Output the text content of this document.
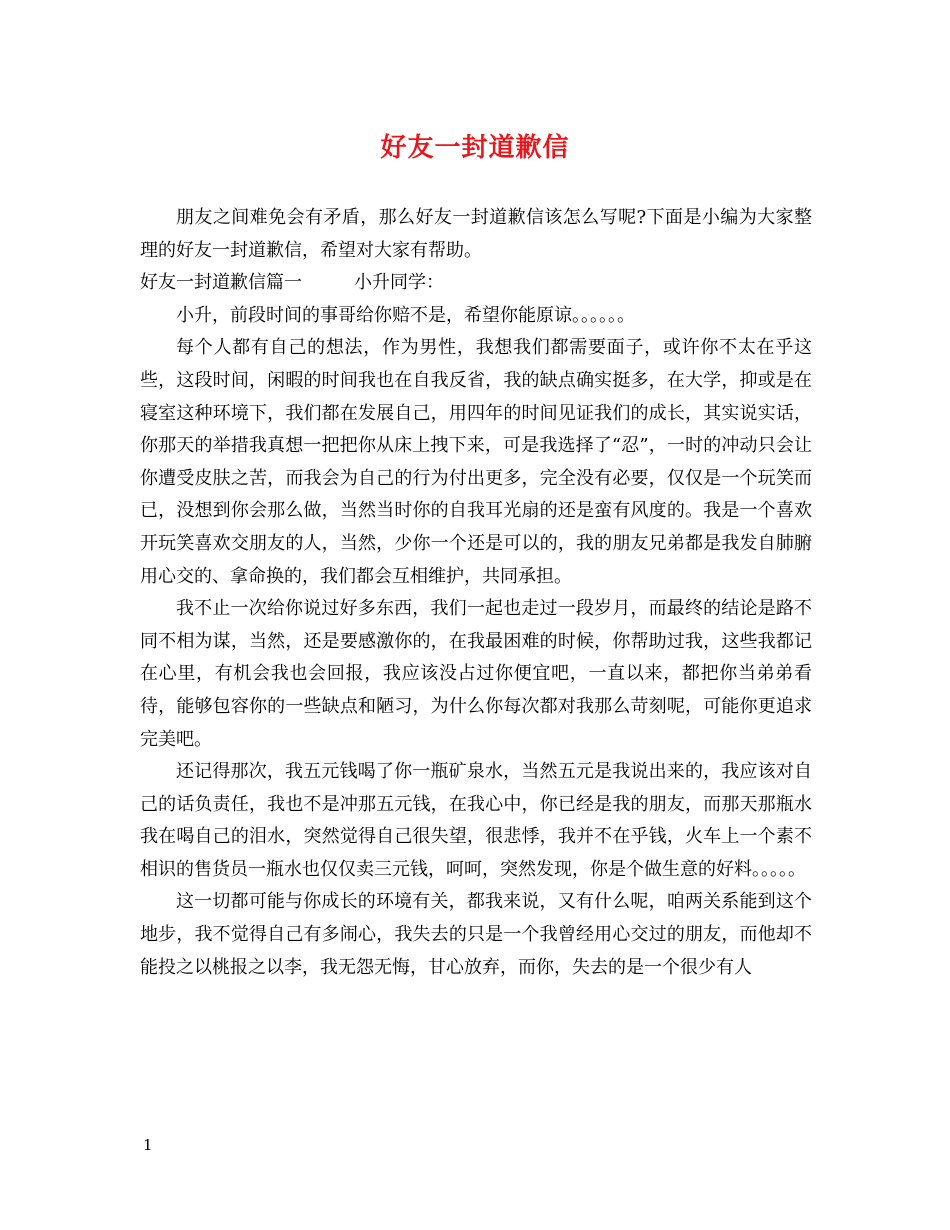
好友一封道歉信

朋友之间难免会有矛盾，那么好友一封道歉信该怎么写呢?下面是小编为大家整理的好友一封道歉信，希望对大家有帮助。

好友一封道歉信篇一	小升同学：

小升，前段时间的事哥给你赔不是，希望你能原谅。。。。。。

每个人都有自己的想法，作为男性，我想我们都需要面子，或许你不太在乎这些，这段时间，闲暇的时间我也在自我反省，我的缺点确实挺多，在大学，抑或是在寝室这种环境下，我们都在发展自己，用四年的时间见证我们的成长，其实说实话，你那天的举措我真想一把把你从床上拽下来，可是我选择了“忍”，一时的冲动只会让你遭受皮肤之苦，而我会为自己的行为付出更多，完全没有必要，仅仅是一个玩笑而已，没想到你会那么做，当然当时你的自我耳光扇的还是蛮有风度的。我是一个喜欢开玩笑喜欢交朋友的人，当然，少你一个还是可以的，我的朋友兄弟都是我发自肺腑用心交的、拿命换的，我们都会互相维护，共同承担。

我不止一次给你说过好多东西，我们一起也走过一段岁月，而最终的结论是路不同不相为谋，当然，还是要感激你的，在我最困难的时候，你帮助过我，这些我都记在心里，有机会我也会回报，我应该没占过你便宜吧，一直以来，都把你当弟弟看待，能够包容你的一些缺点和陋习，为什么你每次都对我那么苛刻呢，可能你更追求完美吧。

还记得那次，我五元钱喝了你一瓶矿泉水，当然五元是我说出来的，我应该对自己的话负责任，我也不是冲那五元钱，在我心中，你已经是我的朋友，而那天那瓶水我在喝自己的泪水，突然觉得自己很失望，很悲悸，我并不在乎钱，火车上一个素不相识的售货员一瓶水也仅仅卖三元钱，呵呵，突然发现，你是个做生意的好料。。。。。

这一切都可能与你成长的环境有关，都我来说，又有什么呢，咱两关系能到这个地步，我不觉得自己有多闹心，我失去的只是一个我曾经用心交过的朋友，而他却不能投之以桃报之以李，我无怨无悔，甘心放弃，而你，失去的是一个很少有人

1
